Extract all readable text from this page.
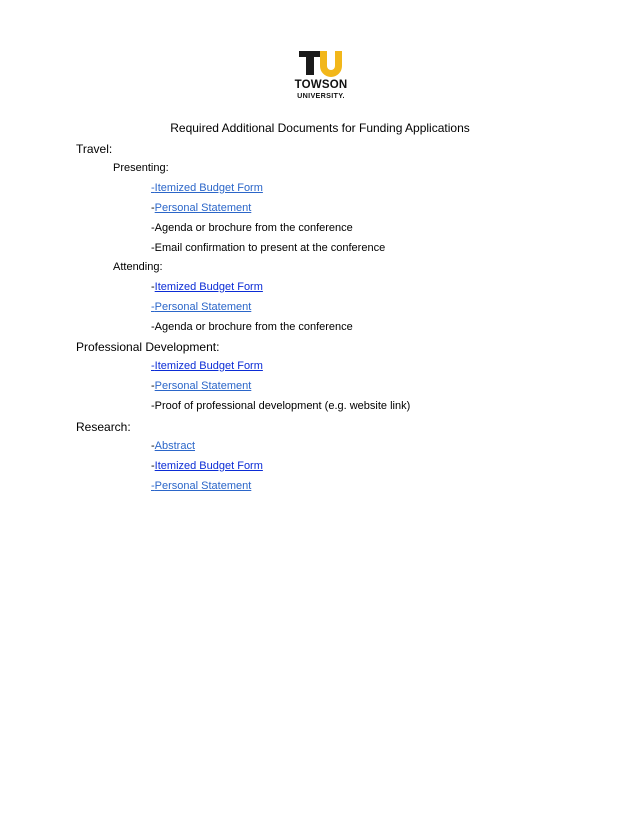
TOWSON
UNIVERSITY.
Required Additional Documents for Funding Applications
Travel:
Presenting:
-Itemized Budget Form
-Personal Statement
-Agenda or brochure from the conference
-Email confirmation to present at the conference
Attending:
-Itemized Budget Form
-Personal Statement
-Agenda or brochure from the conference
Professional Development:
-Itemized Budget Form
-Personal Statement
-Proof of professional development (e.g. website link)
Research:
-Abstract
-Itemized Budget Form
-Personal Statement
